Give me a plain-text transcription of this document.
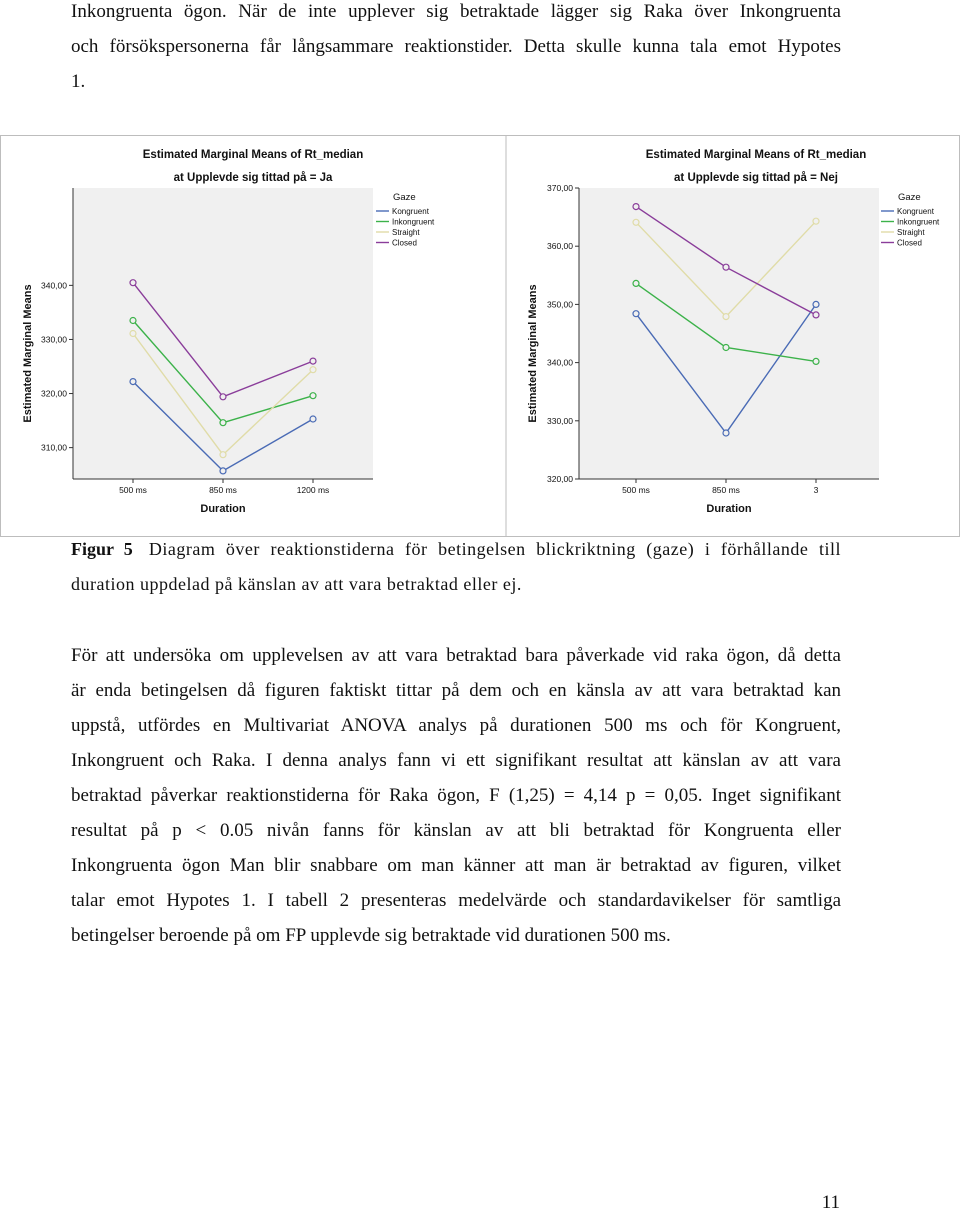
Inkongruenta ögon. När de inte upplever sig betraktade lägger sig Raka över Inkongruenta
och försökspersonerna får långsammare reaktionstider. Detta skulle kunna tala emot Hypotes
1.
Estimated Marginal Means of Rt_median
at Upplevde sig tittad på = Ja
310,00
320,00
330,00
340,00
500 ms	850 ms	1200 ms
Duration
Estimated Marginal Means
Gaze
Kongruent
Inkongruent
Straight
Closed
Estimated Marginal Means of Rt_median
at Upplevde sig tittad på = Nej
320,00
330,00
340,00
350,00
360,00
370,00
500 ms	850 ms	3
Duration
Estimated Marginal Means
Gaze
Kongruent
Inkongruent
Straight
Closed
Figur 5 Diagram över reaktionstiderna för betingelsen blickriktning (gaze) i förhållande till
duration uppdelad på känslan av att vara betraktad eller ej.
För att undersöka om upplevelsen av att vara betraktad bara påverkade vid raka ögon, då detta
är enda betingelsen då figuren faktiskt tittar på dem och en känsla av att vara betraktad kan
uppstå, utfördes en Multivariat ANOVA analys på durationen 500 ms och för Kongruent,
Inkongruent och Raka. I denna analys fann vi ett signifikant resultat att känslan av att vara
betraktad påverkar reaktionstiderna för Raka ögon, F (1,25) = 4,14 p = 0,05. Inget signifikant
resultat på p < 0.05 nivån fanns för känslan av att bli betraktad för Kongruenta eller
Inkongruenta ögon Man blir snabbare om man känner att man är betraktad av figuren, vilket
talar emot Hypotes 1. I tabell 2 presenteras medelvärde och standardavikelser för samtliga
betingelser beroende på om FP upplevde sig betraktade vid durationen 500 ms.
11
